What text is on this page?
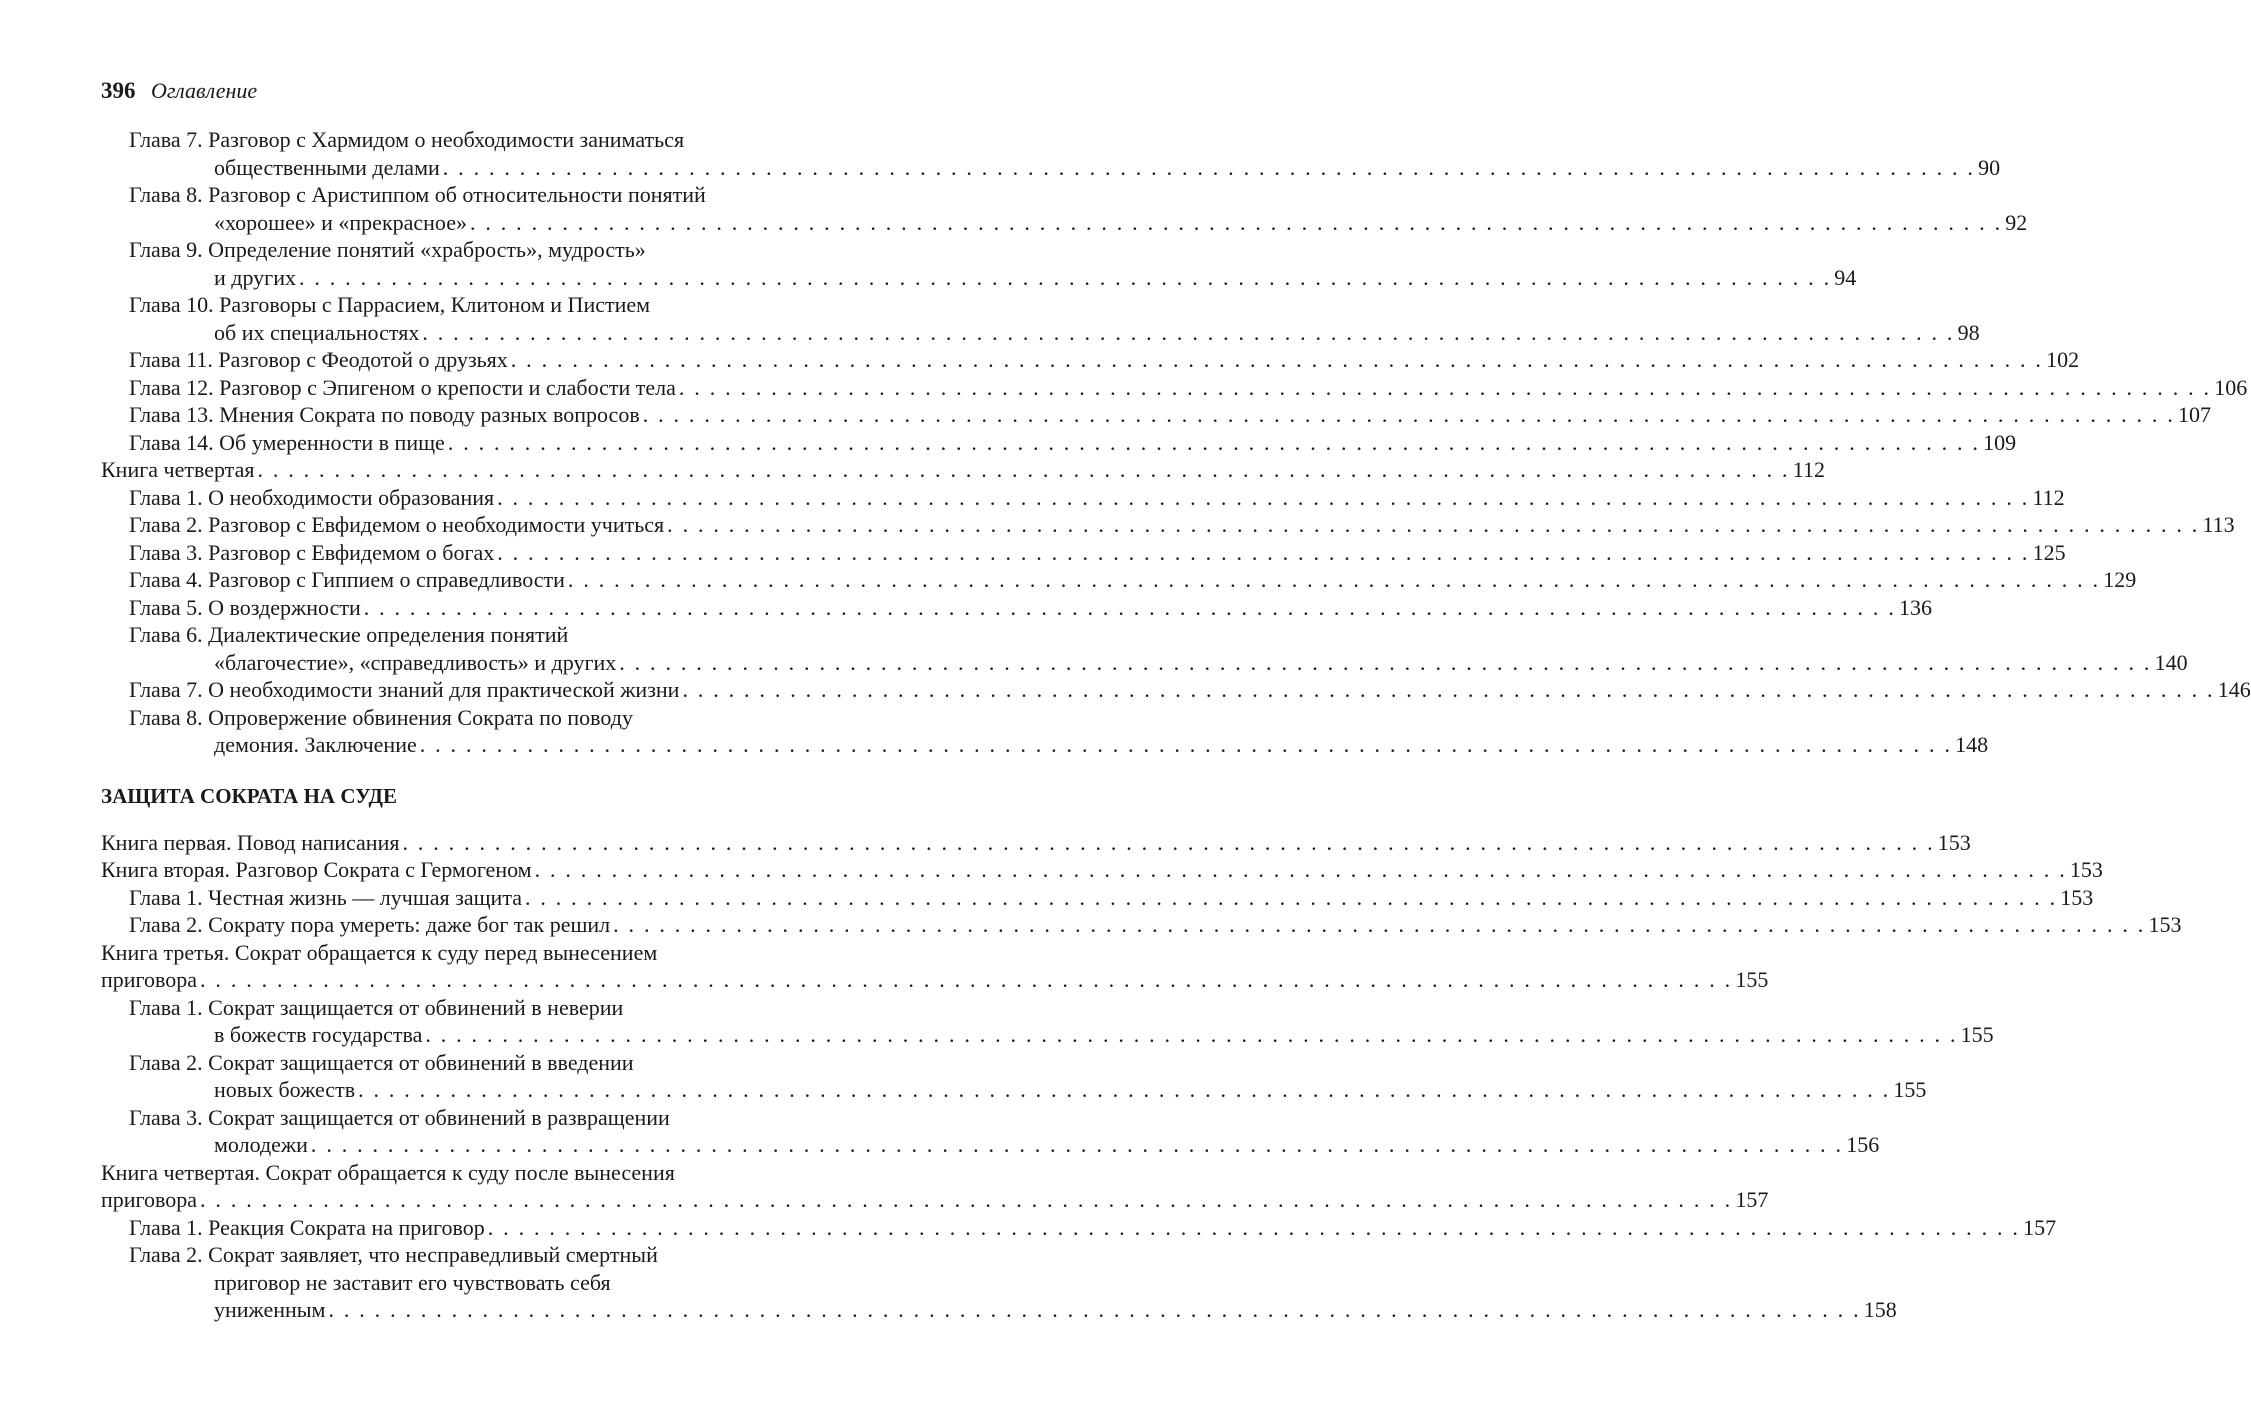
396 Оглавление
Глава 7. Разговор с Хармидом о необходимости заниматься
общественными делами . . . . . . . . . . . . . . . . . . . . . . . . . . . . . . . . . . . . . . . . . . . . . . . . . . . . . . . . . . . . . . . . . . . . . . . . . . . . . . . . . . . . . . . . . . . . . . . . . . . . 90
Глава 8. Разговор с Аристиппом об относительности понятий
«хорошее» и «прекрасное» . . . . . . . . . . . . . . . . . . . . . . . . . . . . . . . . . . . . . . . . . . . . . . . . . . . . . . . . . . . . . . . . . . . . . . . . . . . . . . . . . . . . . . . . . . . . . . . . . . . . 92
Глава 9. Определение понятий «храбрость», мудрость»
и других . . . . . . . . . . . . . . . . . . . . . . . . . . . . . . . . . . . . . . . . . . . . . . . . . . . . . . . . . . . . . . . . . . . . . . . . . . . . . . . . . . . . . . . . . . . . . . . . . . . . 94
Глава 10. Разговоры с Паррасием, Клитоном и Пистием
об их специальностях . . . . . . . . . . . . . . . . . . . . . . . . . . . . . . . . . . . . . . . . . . . . . . . . . . . . . . . . . . . . . . . . . . . . . . . . . . . . . . . . . . . . . . . . . . . . . . . . . . . . 98
Глава 11. Разговор с Феодотой о друзьях . . . . . . . . . . . . . . . . . . . . . . . . . . . . . . . . . . . . . . . . . . . . . . . . . . . . . . . . . . . . . . . . . . . . . . . . . . . . . . . . . . . . . . . . . . . . . . . . . . . . 102
Глава 12. Разговор с Эпигеном о крепости и слабости тела . . . . . . . . . . . . . . . . . . . . . . . . . . . . . . . . . . . . . . . . . . . . . . . . . . . . . . . . . . . . . . . . . . . . . . . . . . . . . . . . . . . . . . . . . . . . . . . . . . . . 106
Глава 13. Мнения Сократа по поводу разных вопросов . . . . . . . . . . . . . . . . . . . . . . . . . . . . . . . . . . . . . . . . . . . . . . . . . . . . . . . . . . . . . . . . . . . . . . . . . . . . . . . . . . . . . . . . . . . . . . . . . . . . 107
Глава 14. Об умеренности в пище . . . . . . . . . . . . . . . . . . . . . . . . . . . . . . . . . . . . . . . . . . . . . . . . . . . . . . . . . . . . . . . . . . . . . . . . . . . . . . . . . . . . . . . . . . . . . . . . . . . . 109
Книга четвертая . . . . . . . . . . . . . . . . . . . . . . . . . . . . . . . . . . . . . . . . . . . . . . . . . . . . . . . . . . . . . . . . . . . . . . . . . . . . . . . . . . . . . . . . . . . . . . . . . . . . 112
Глава 1. О необходимости образования . . . . . . . . . . . . . . . . . . . . . . . . . . . . . . . . . . . . . . . . . . . . . . . . . . . . . . . . . . . . . . . . . . . . . . . . . . . . . . . . . . . . . . . . . . . . . . . . . . . . 112
Глава 2. Разговор с Евфидемом о необходимости учиться . . . . . . . . . . . . . . . . . . . . . . . . . . . . . . . . . . . . . . . . . . . . . . . . . . . . . . . . . . . . . . . . . . . . . . . . . . . . . . . . . . . . . . . . . . . . . . . . . . . . 113
Глава 3. Разговор с Евфидемом о богах . . . . . . . . . . . . . . . . . . . . . . . . . . . . . . . . . . . . . . . . . . . . . . . . . . . . . . . . . . . . . . . . . . . . . . . . . . . . . . . . . . . . . . . . . . . . . . . . . . . . 125
Глава 4. Разговор с Гиппием о справедливости . . . . . . . . . . . . . . . . . . . . . . . . . . . . . . . . . . . . . . . . . . . . . . . . . . . . . . . . . . . . . . . . . . . . . . . . . . . . . . . . . . . . . . . . . . . . . . . . . . . . 129
Глава 5. О воздержности . . . . . . . . . . . . . . . . . . . . . . . . . . . . . . . . . . . . . . . . . . . . . . . . . . . . . . . . . . . . . . . . . . . . . . . . . . . . . . . . . . . . . . . . . . . . . . . . . . . . 136
Глава 6. Диалектические определения понятий
«благочестие», «справедливость» и других . . . . . . . . . . . . . . . . . . . . . . . . . . . . . . . . . . . . . . . . . . . . . . . . . . . . . . . . . . . . . . . . . . . . . . . . . . . . . . . . . . . . . . . . . . . . . . . . . . . . 140
Глава 7. О необходимости знаний для практической жизни . . . . . . . . . . . . . . . . . . . . . . . . . . . . . . . . . . . . . . . . . . . . . . . . . . . . . . . . . . . . . . . . . . . . . . . . . . . . . . . . . . . . . . . . . . . . . . . . . . . . 146
Глава 8. Опровержение обвинения Сократа по поводу
демония. Заключение . . . . . . . . . . . . . . . . . . . . . . . . . . . . . . . . . . . . . . . . . . . . . . . . . . . . . . . . . . . . . . . . . . . . . . . . . . . . . . . . . . . . . . . . . . . . . . . . . . . . 148
ЗАЩИТА СОКРАТА НА СУДЕ
Книга первая. Повод написания . . . . . . . . . . . . . . . . . . . . . . . . . . . . . . . . . . . . . . . . . . . . . . . . . . . . . . . . . . . . . . . . . . . . . . . . . . . . . . . . . . . . . . . . . . . . . . . . . . . . 153
Книга вторая. Разговор Сократа с Гермогеном . . . . . . . . . . . . . . . . . . . . . . . . . . . . . . . . . . . . . . . . . . . . . . . . . . . . . . . . . . . . . . . . . . . . . . . . . . . . . . . . . . . . . . . . . . . . . . . . . . . . 153
Глава 1. Честная жизнь — лучшая защита . . . . . . . . . . . . . . . . . . . . . . . . . . . . . . . . . . . . . . . . . . . . . . . . . . . . . . . . . . . . . . . . . . . . . . . . . . . . . . . . . . . . . . . . . . . . . . . . . . . . 153
Глава 2. Сократу пора умереть: даже бог так решил . . . . . . . . . . . . . . . . . . . . . . . . . . . . . . . . . . . . . . . . . . . . . . . . . . . . . . . . . . . . . . . . . . . . . . . . . . . . . . . . . . . . . . . . . . . . . . . . . . . . 153
Книга третья. Сократ обращается к суду перед вынесением
приговора . . . . . . . . . . . . . . . . . . . . . . . . . . . . . . . . . . . . . . . . . . . . . . . . . . . . . . . . . . . . . . . . . . . . . . . . . . . . . . . . . . . . . . . . . . . . . . . . . . . . 155
Глава 1. Сократ защищается от обвинений в неверии
в божеств государства . . . . . . . . . . . . . . . . . . . . . . . . . . . . . . . . . . . . . . . . . . . . . . . . . . . . . . . . . . . . . . . . . . . . . . . . . . . . . . . . . . . . . . . . . . . . . . . . . . . . 155
Глава 2. Сократ защищается от обвинений в введении
новых божеств . . . . . . . . . . . . . . . . . . . . . . . . . . . . . . . . . . . . . . . . . . . . . . . . . . . . . . . . . . . . . . . . . . . . . . . . . . . . . . . . . . . . . . . . . . . . . . . . . . . . 155
Глава 3. Сократ защищается от обвинений в развращении
молодежи . . . . . . . . . . . . . . . . . . . . . . . . . . . . . . . . . . . . . . . . . . . . . . . . . . . . . . . . . . . . . . . . . . . . . . . . . . . . . . . . . . . . . . . . . . . . . . . . . . . . 156
Книга четвертая. Сократ обращается к суду после вынесения
приговора . . . . . . . . . . . . . . . . . . . . . . . . . . . . . . . . . . . . . . . . . . . . . . . . . . . . . . . . . . . . . . . . . . . . . . . . . . . . . . . . . . . . . . . . . . . . . . . . . . . . 157
Глава 1. Реакция Сократа на приговор . . . . . . . . . . . . . . . . . . . . . . . . . . . . . . . . . . . . . . . . . . . . . . . . . . . . . . . . . . . . . . . . . . . . . . . . . . . . . . . . . . . . . . . . . . . . . . . . . . . . 157
Глава 2. Сократ заявляет, что несправедливый смертный
приговор не заставит его чувствовать себя
униженным . . . . . . . . . . . . . . . . . . . . . . . . . . . . . . . . . . . . . . . . . . . . . . . . . . . . . . . . . . . . . . . . . . . . . . . . . . . . . . . . . . . . . . . . . . . . . . . . . . . . 158
